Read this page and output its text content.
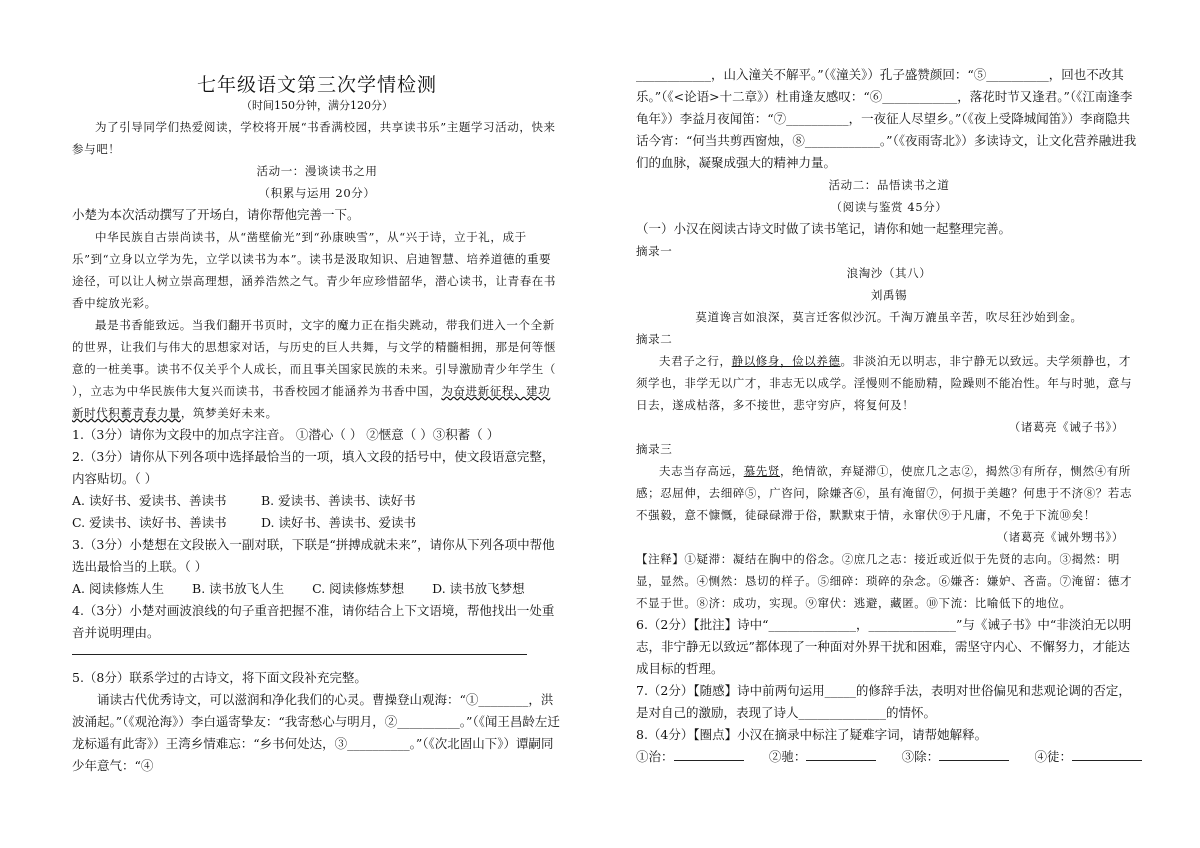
七年级语文第三次学情检测

（时间150分钟，满分120分）

为了引导同学们热爱阅读，学校将开展“书香满校园，共享读书乐”主题学习活动，快来参与吧！

活动一：漫谈读书之用

（积累与运用 20分）

小楚为本次活动撰写了开场白，请你帮他完善一下。

中华民族自古崇尚读书，从“凿壁偷光”到“孙康映雪”，从“兴于诗，立于礼，成于乐”到“立身以立学为先，立学以读书为本”。读书是汲取知识、启迪智慧、培养道德的重要途径，可以让人树立崇高理想，涵养浩然之气。青少年应珍惜韶华，潜心读书，让青春在书香中绽放光彩。

最是书香能致远。当我们翻开书页时，文字的魔力正在指尖跳动，带我们进入一个全新的世界，让我们与伟大的思想家对话，与历史的巨人共舞，与文学的精髓相拥，那是何等惬意的一桩美事。读书不仅关乎个人成长，而且事关国家民族的未来。引导激励青少年学生（ ），立志为中华民族伟大复兴而读书，书香校园才能涵养为书香中国，为奋进新征程、建功新时代积蓄青春力量，筑梦美好未来。

1.（3分）请你为文段中的加点字注音。 ①潜心（ ） ②惬意（ ）③积蓄（ ）

2.（3分）请你从下列各项中选择最恰当的一项，填入文段的括号中，使文段语意完整，内容贴切。（ ）

A. 读好书、爱读书、善读书	B. 爱读书、善读书、读好书
C. 爱读书、读好书、善读书	D. 读好书、善读书、爱读书

3.（3分）小楚想在文段嵌入一副对联，下联是“拼搏成就未来”，请你从下列各项中帮他选出最恰当的上联。（ ）

A. 阅读修炼人生	B. 读书放飞人生	C. 阅读修炼梦想	D. 读书放飞梦想

4.（3分）小楚对画波浪线的句子重音把握不准，请你结合上下文语境，帮他找出一处重音并说明理由。

5.（8分）联系学过的古诗文，将下面文段补充完整。

诵读古代优秀诗文，可以滋润和净化我们的心灵。曹操登山观海：“①________，洪波涌起。”（《观沧海》）李白遥寄挚友：“我寄愁心与明月，②__________。”（《闻王昌龄左迁龙标遥有此寄》）王湾乡情难忘：“乡书何处达，③__________。”（《次北固山下》）谭嗣同少年意气：“④

____________，山入潼关不解平。”（《潼关》）孔子盛赞颜回：“⑤__________，回也不改其乐。”（《<论语>十二章》）杜甫逢友感叹：“⑥____________，落花时节又逢君。”（《江南逢李龟年》）李益月夜闻笛：“⑦__________，一夜征人尽望乡。”（《夜上受降城闻笛》）李商隐共话今宵：“何当共剪西窗烛，⑧____________。”（《夜雨寄北》）多读诗文，让文化营养融进我们的血脉，凝聚成强大的精神力量。

活动二：品悟读书之道

（阅读与鉴赏 45分）

（一）小汉在阅读古诗文时做了读书笔记，请你和她一起整理完善。

摘录一

浪淘沙（其八）

刘禹锡

莫道谗言如浪深，莫言迁客似沙沉。千淘万漉虽辛苦，吹尽狂沙始到金。

摘录二

夫君子之行，静以修身，俭以养德。非淡泊无以明志，非宁静无以致远。夫学须静也，才须学也，非学无以广才，非志无以成学。淫慢则不能励精，险躁则不能冶性。年与时驰，意与日去，遂成枯落，多不接世，悲守穷庐，将复何及！

（诸葛亮《诫子书》）

摘录三

夫志当存高远，慕先贤，绝情欲，弃疑滞①，使庶几之志②，揭然③有所存，恻然④有所感；忍屈伸，去细碎⑤，广咨问，除嫌吝⑥，虽有淹留⑦，何损于美趣？何患于不济⑧？若志不强毅，意不慷慨，徒碌碌滞于俗，默默束于情，永窜伏⑨于凡庸，不免于下流⑩矣！

（诸葛亮《诫外甥书》）

【注释】①疑滞：凝结在胸中的俗念。②庶几之志：接近或近似于先贤的志向。③揭然：明显，显然。④恻然：恳切的样子。⑤细碎：琐碎的杂念。⑥嫌吝：嫌妒、吝啬。⑦淹留：德才不显于世。⑧济：成功，实现。⑨窜伏：逃避，藏匿。⑩下流：比喻低下的地位。

6.（2分）【批注】诗中“______________，______________”与《诫子书》中“非淡泊无以明志，非宁静无以致远”都体现了一种面对外界干扰和困难，需坚守内心、不懈努力，才能达成目标的哲理。

7.（2分）【随感】诗中前两句运用_____的修辞手法，表明对世俗偏见和悲观论调的否定，是对自己的激励，表现了诗人______________的情怀。

8.（4分）【圈点】小汉在摘录中标注了疑难字词，请帮她解释。

①治：	②驰：	③除：	④徒：
